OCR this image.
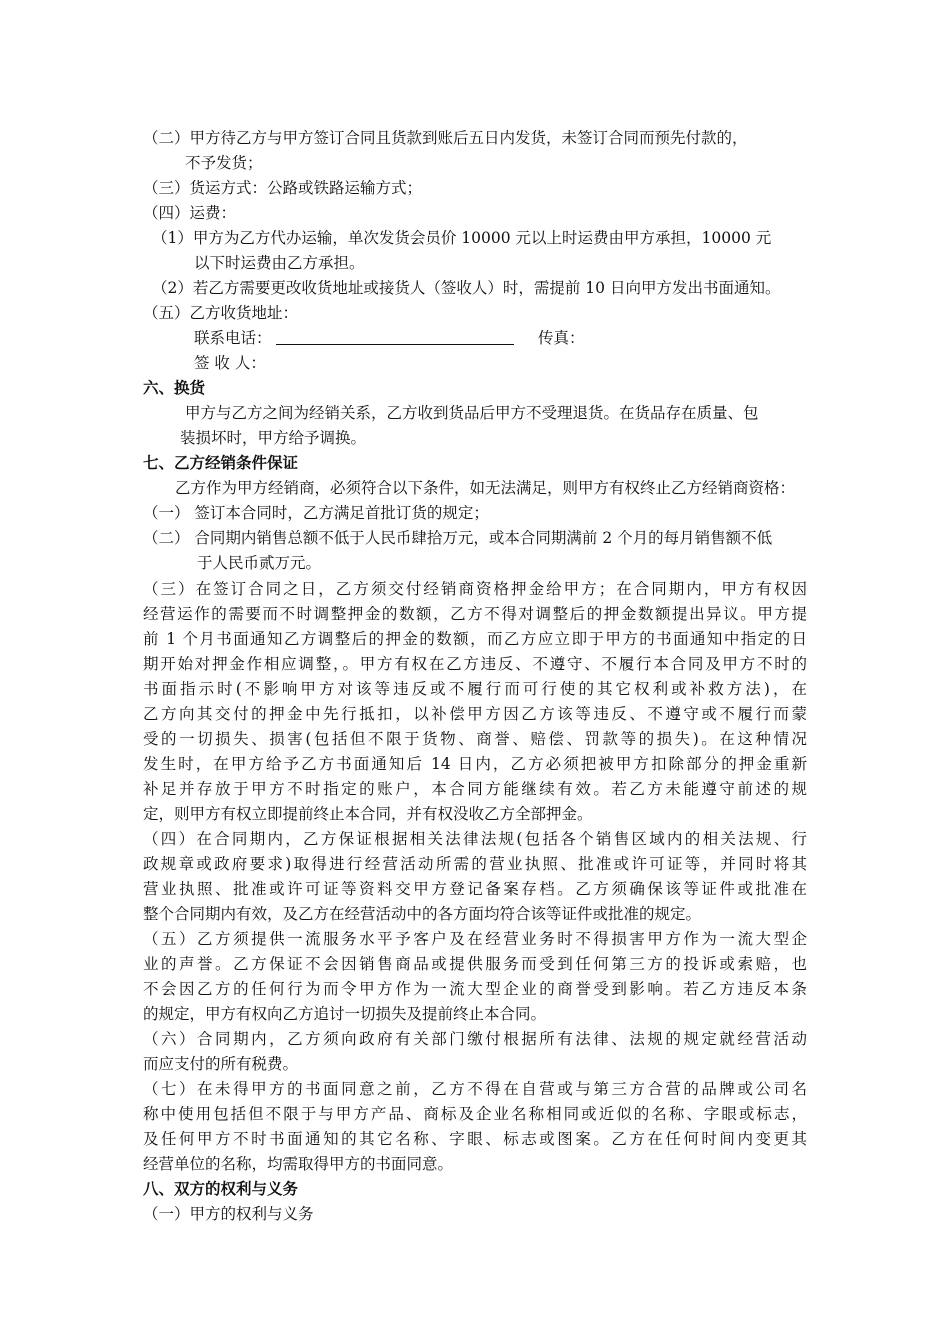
（二）甲方待乙方与甲方签订合同且货款到账后五日内发货，未签订合同而预先付款的，
不予发货；
（三）货运方式：公路或铁路运输方式；
（四）运费：
（1）甲方为乙方代办运输，单次发货会员价 10000 元以上时运费由甲方承担，10000 元
以下时运费由乙方承担。
（2）若乙方需要更改收货地址或接货人（签收人）时，需提前 10 日向甲方发出书面通知。
（五）乙方收货地址：
联系电话：	传真：
签 收 人：
六、换货
甲方与乙方之间为经销关系，乙方收到货品后甲方不受理退货。在货品存在质量、包
装损坏时，甲方给予调换。
七、乙方经销条件保证
乙方作为甲方经销商，必须符合以下条件，如无法满足，则甲方有权终止乙方经销商资格：
（一） 签订本合同时，乙方满足首批订货的规定；
（二） 合同期内销售总额不低于人民币肆拾万元，或本合同期满前 2 个月的每月销售额不低
于人民币贰万元。
（三）在签订合同之日，乙方须交付经销商资格押金给甲方；在合同期内，甲方有权因
经营运作的需要而不时调整押金的数额，乙方不得对调整后的押金数额提出异议。甲方提
前 1 个月书面通知乙方调整后的押金的数额，而乙方应立即于甲方的书面通知中指定的日
期开始对押金作相应调整，。甲方有权在乙方违反、不遵守、不履行本合同及甲方不时的
书面指示时(不影响甲方对该等违反或不履行而可行使的其它权利或补救方法)，在
乙方向其交付的押金中先行抵扣，以补偿甲方因乙方该等违反、不遵守或不履行而蒙
受的一切损失、损害(包括但不限于货物、商誉、赔偿、罚款等的损失)。在这种情况
发生时，在甲方给予乙方书面通知后 14 日内，乙方必须把被甲方扣除部分的押金重新
补足并存放于甲方不时指定的账户，本合同方能继续有效。若乙方未能遵守前述的规
定，则甲方有权立即提前终止本合同，并有权没收乙方全部押金。
（四）在合同期内，乙方保证根据相关法律法规(包括各个销售区域内的相关法规、行
政规章或政府要求)取得进行经营活动所需的营业执照、批准或许可证等，并同时将其
营业执照、批准或许可证等资料交甲方登记备案存档。乙方须确保该等证件或批准在
整个合同期内有效，及乙方在经营活动中的各方面均符合该等证件或批准的规定。
（五）乙方须提供一流服务水平予客户及在经营业务时不得损害甲方作为一流大型企
业的声誉。乙方保证不会因销售商品或提供服务而受到任何第三方的投诉或索赔，也
不会因乙方的任何行为而令甲方作为一流大型企业的商誉受到影响。若乙方违反本条
的规定，甲方有权向乙方追讨一切损失及提前终止本合同。
（六）合同期内，乙方须向政府有关部门缴付根据所有法律、法规的规定就经营活动
而应支付的所有税费。
（七）在未得甲方的书面同意之前，乙方不得在自营或与第三方合营的品牌或公司名
称中使用包括但不限于与甲方产品、商标及企业名称相同或近似的名称、字眼或标志，
及任何甲方不时书面通知的其它名称、字眼、标志或图案。乙方在任何时间内变更其
经营单位的名称，均需取得甲方的书面同意。
八、双方的权利与义务
（一）甲方的权利与义务
